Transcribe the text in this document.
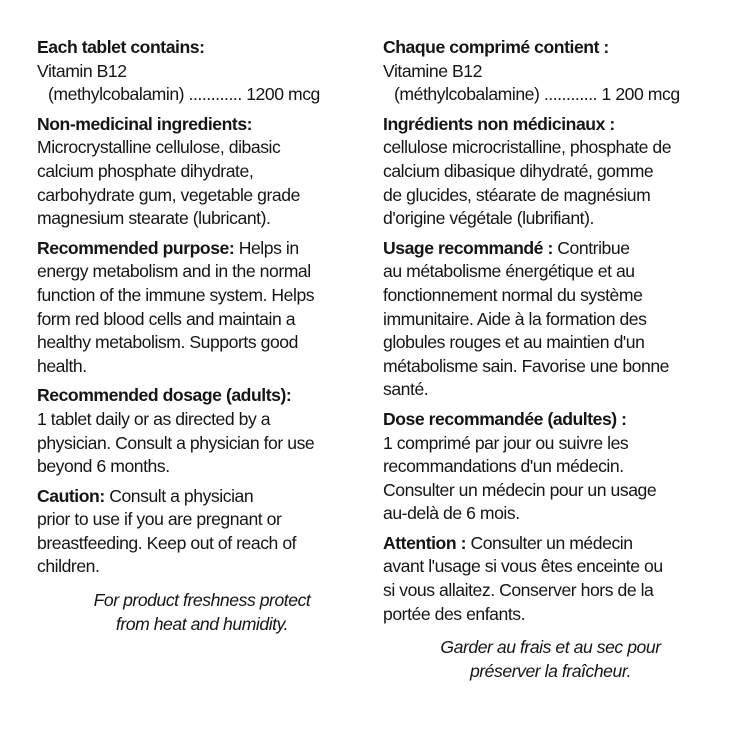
Each tablet contains:

Vitamin B12

(methylcobalamin) ............ 1200 mcg

Non-medicinal ingredients:

Microcrystalline cellulose, dibasic

calcium phosphate dihydrate,

carbohydrate gum, vegetable grade

magnesium stearate (lubricant).

Recommended purpose: Helps in

energy metabolism and in the normal

function of the immune system. Helps

form red blood cells and maintain a

healthy metabolism. Supports good

health.

Recommended dosage (adults):

1 tablet daily or as directed by a

physician. Consult a physician for use

beyond 6 months.

Caution: Consult a physician

prior to use if you are pregnant or

breastfeeding. Keep out of reach of

children.

For product freshness protect

from heat and humidity.

Chaque comprimé contient :

Vitamine B12

(méthylcobalamine) ............ 1 200 mcg

Ingrédients non médicinaux :

cellulose microcristalline, phosphate de

calcium dibasique dihydraté, gomme

de glucides, stéarate de magnésium

d'origine végétale (lubrifiant).

Usage recommandé : Contribue

au métabolisme énergétique et au

fonctionnement normal du système

immunitaire. Aide à la formation des

globules rouges et au maintien d'un

métabolisme sain. Favorise une bonne

santé.

Dose recommandée (adultes) :

1 comprimé par jour ou suivre les

recommandations d'un médecin.

Consulter un médecin pour un usage

au-delà de 6 mois.

Attention : Consulter un médecin

avant l'usage si vous êtes enceinte ou

si vous allaitez. Conserver hors de la

portée des enfants.

Garder au frais et au sec pour

préserver la fraîcheur.
